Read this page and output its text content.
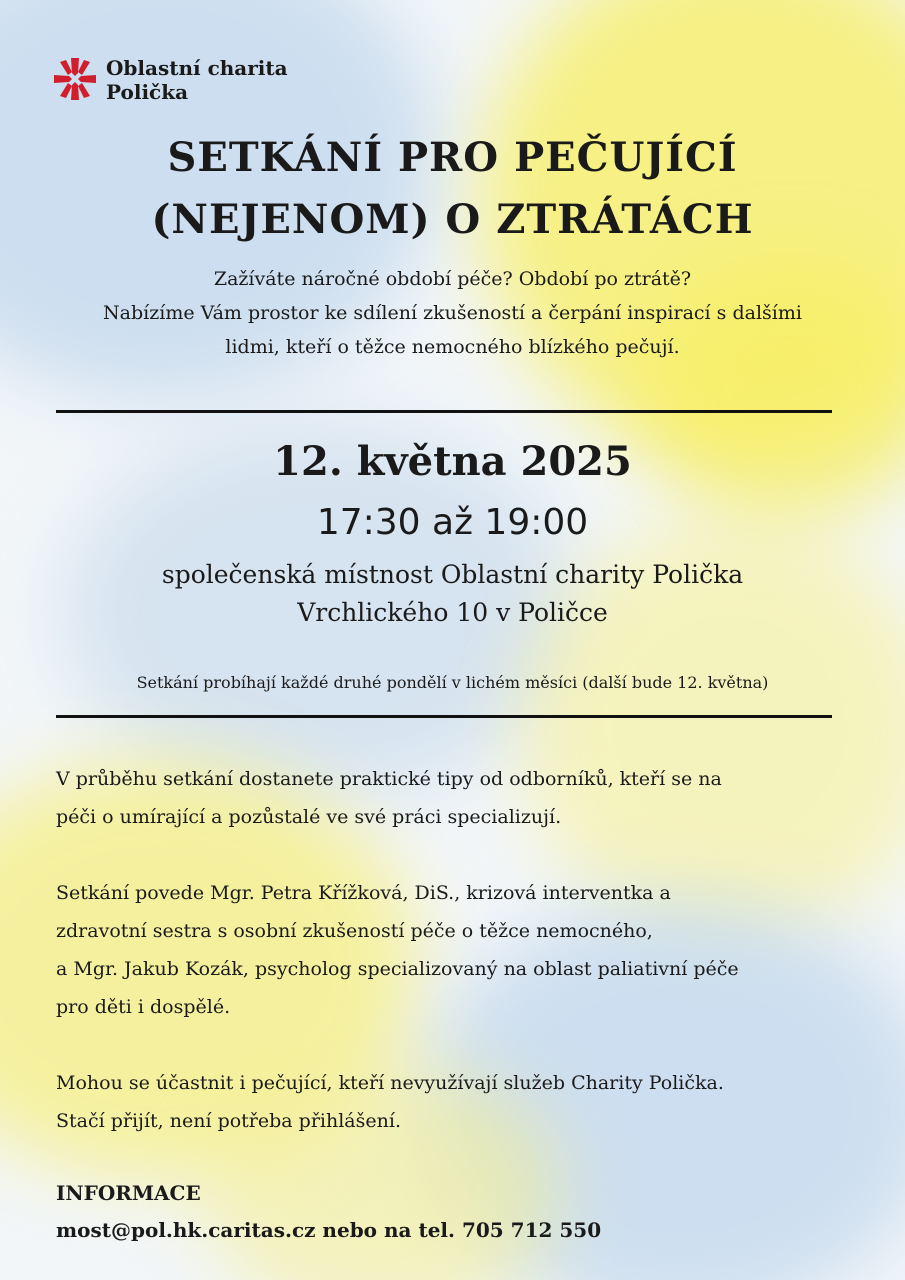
Oblastní charita
Polička
SETKÁNÍ PRO PEČUJÍCÍ
(NEJENOM) O ZTRÁTÁCH
Zažíváte náročné období péče? Období po ztrátě?
Nabízíme Vám prostor ke sdílení zkušeností a čerpání inspirací s dalšími
lidmi, kteří o těžce nemocného blízkého pečují.
12. května 2025
17:30 až 19:00
společenská místnost Oblastní charity Polička
Vrchlického 10 v Poličce
Setkání probíhají každé druhé pondělí v lichém měsíci (další bude 12. května)

V průběhu setkání dostanete praktické tipy od odborníků, kteří se na
péči o umírající a pozůstalé ve své práci specializují.

Setkání povede Mgr. Petra Křížková, DiS., krizová interventka a
zdravotní sestra s osobní zkušeností péče o těžce nemocného,
a Mgr. Jakub Kozák, psycholog specializovaný na oblast paliativní péče
pro děti i dospělé.

Mohou se účastnit i pečující, kteří nevyužívají služeb Charity Polička.
Stačí přijít, není potřeba přihlášení.

INFORMACE
most@pol.hk.caritas.cz nebo na tel. 705 712 550
